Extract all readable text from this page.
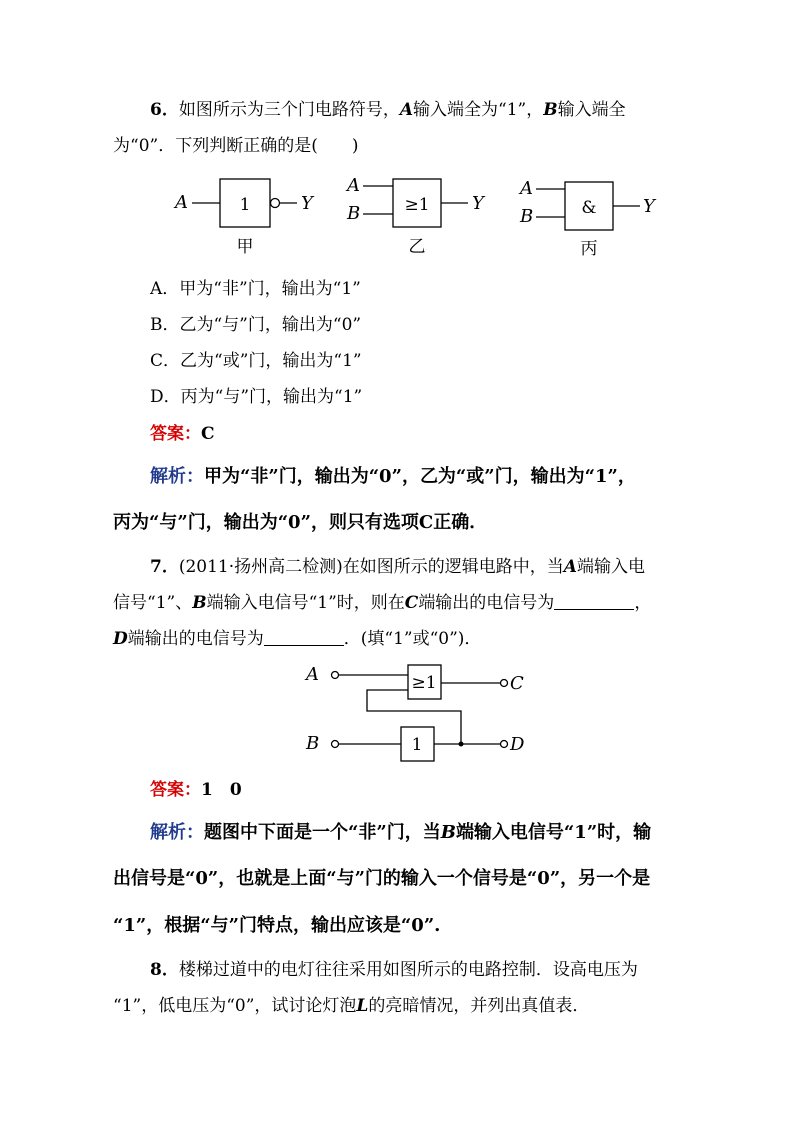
6．如图所示为三个门电路符号，A输入端全为“1”，B输入端全
为“0”．下列判断正确的是(　　)
A	1	Y
甲
A
B	≥1 Y
乙
A
B	&	Y
丙
A．甲为“非”门，输出为“1”
B．乙为“与”门，输出为“0”
C．乙为“或”门，输出为“1”
D．丙为“与”门，输出为“1”
答案：C
解析：甲为“非”门，输出为“0”，乙为“或”门，输出为“1”，
丙为“与”门，输出为“0”，则只有选项C正确．
7．(2011·扬州高二检测)在如图所示的逻辑电路中，当A端输入电
信号“1”、B端输入电信号“1”时，则在C端输出的电信号为	，
D端输出的电信号为	．(填“1”或“0”)．
A	≥1	C
B	1	D
答案：1　0
解析：题图中下面是一个“非”门，当B端输入电信号“1”时，输
出信号是“0”，也就是上面“与”门的输入一个信号是“0”，另一个是
“1”，根据“与”门特点，输出应该是“0”.
8．楼梯过道中的电灯往往采用如图所示的电路控制．设高电压为
“1”，低电压为“0”，试讨论灯泡L的亮暗情况，并列出真值表．
